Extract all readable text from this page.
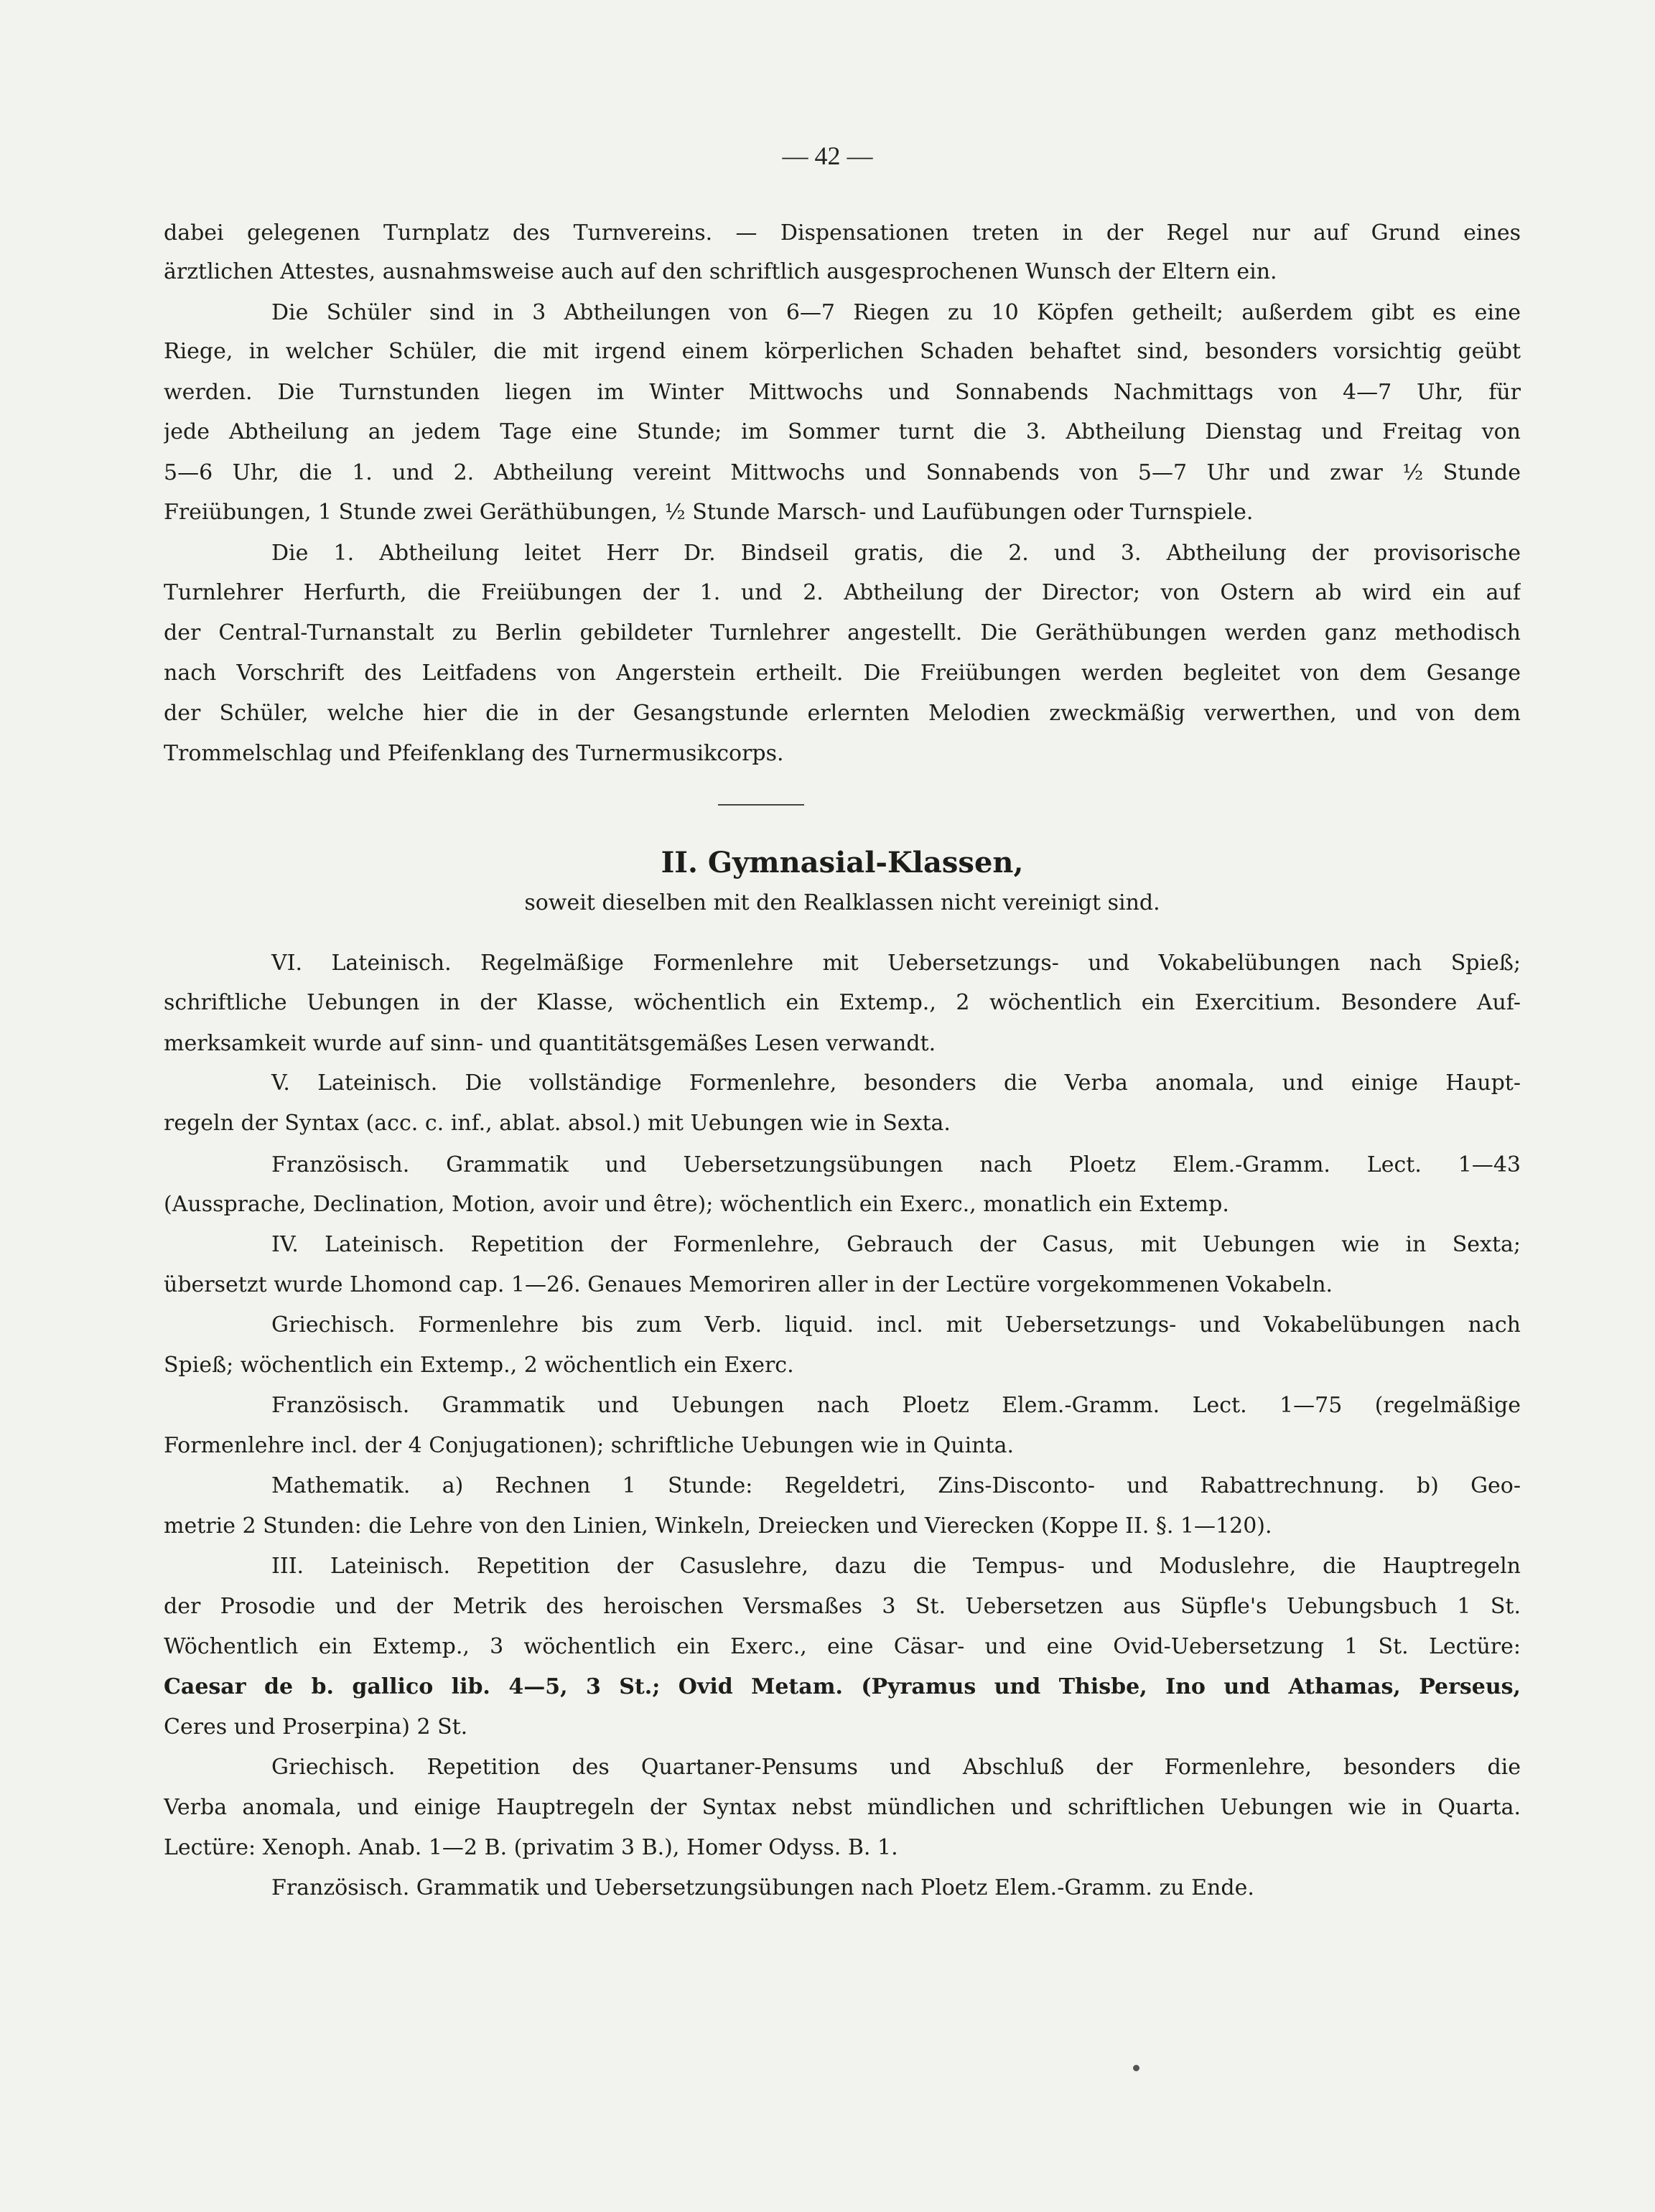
— 42 —
dabei gelegenen Turnplatz des Turnvereins. — Dispensationen treten in der Regel nur auf Grund eines
ärztlichen Attestes, ausnahmsweise auch auf den schriftlich ausgesprochenen Wunsch der Eltern ein.
Die Schüler sind in 3 Abtheilungen von 6—7 Riegen zu 10 Köpfen getheilt; außerdem gibt es eine
Riege, in welcher Schüler, die mit irgend einem körperlichen Schaden behaftet sind, besonders vorsichtig geübt
werden. Die Turnstunden liegen im Winter Mittwochs und Sonnabends Nachmittags von 4—7 Uhr, für
jede Abtheilung an jedem Tage eine Stunde; im Sommer turnt die 3. Abtheilung Dienstag und Freitag von
5—6 Uhr, die 1. und 2. Abtheilung vereint Mittwochs und Sonnabends von 5—7 Uhr und zwar ½ Stunde
Freiübungen, 1 Stunde zwei Geräthübungen, ½ Stunde Marsch- und Laufübungen oder Turnspiele.
Die 1. Abtheilung leitet Herr Dr. Bindseil gratis, die 2. und 3. Abtheilung der provisorische
Turnlehrer Herfurth, die Freiübungen der 1. und 2. Abtheilung der Director; von Ostern ab wird ein auf
der Central-Turnanstalt zu Berlin gebildeter Turnlehrer angestellt. Die Geräthübungen werden ganz methodisch
nach Vorschrift des Leitfadens von Angerstein ertheilt. Die Freiübungen werden begleitet von dem Gesange
der Schüler, welche hier die in der Gesangstunde erlernten Melodien zweckmäßig verwerthen, und von dem
Trommelschlag und Pfeifenklang des Turnermusikcorps.
II. Gymnasial-Klassen,
soweit dieselben mit den Realklassen nicht vereinigt sind.
VI. Lateinisch. Regelmäßige Formenlehre mit Uebersetzungs- und Vokabelübungen nach Spieß;
schriftliche Uebungen in der Klasse, wöchentlich ein Extemp., 2 wöchentlich ein Exercitium. Besondere Auf-
merksamkeit wurde auf sinn- und quantitätsgemäßes Lesen verwandt.
V. Lateinisch. Die vollständige Formenlehre, besonders die Verba anomala, und einige Haupt-
regeln der Syntax (acc. c. inf., ablat. absol.) mit Uebungen wie in Sexta.
Französisch. Grammatik und Uebersetzungsübungen nach Ploetz Elem.-Gramm. Lect. 1—43
(Aussprache, Declination, Motion, avoir und être); wöchentlich ein Exerc., monatlich ein Extemp.
IV. Lateinisch. Repetition der Formenlehre, Gebrauch der Casus, mit Uebungen wie in Sexta;
übersetzt wurde Lhomond cap. 1—26. Genaues Memoriren aller in der Lectüre vorgekommenen Vokabeln.
Griechisch. Formenlehre bis zum Verb. liquid. incl. mit Uebersetzungs- und Vokabelübungen nach
Spieß; wöchentlich ein Extemp., 2 wöchentlich ein Exerc.
Französisch. Grammatik und Uebungen nach Ploetz Elem.-Gramm. Lect. 1—75 (regelmäßige
Formenlehre incl. der 4 Conjugationen); schriftliche Uebungen wie in Quinta.
Mathematik. a) Rechnen 1 Stunde: Regeldetri, Zins-Disconto- und Rabattrechnung. b) Geo-
metrie 2 Stunden: die Lehre von den Linien, Winkeln, Dreiecken und Vierecken (Koppe II. §. 1—120).
III. Lateinisch. Repetition der Casuslehre, dazu die Tempus- und Moduslehre, die Hauptregeln
der Prosodie und der Metrik des heroischen Versmaßes 3 St. Uebersetzen aus Süpfle's Uebungsbuch 1 St.
Wöchentlich ein Extemp., 3 wöchentlich ein Exerc., eine Cäsar- und eine Ovid-Uebersetzung 1 St. Lectüre:
Caesar de b. gallico lib. 4—5, 3 St.; Ovid Metam. (Pyramus und Thisbe, Ino und Athamas, Perseus,
Ceres und Proserpina) 2 St.
Griechisch. Repetition des Quartaner-Pensums und Abschluß der Formenlehre, besonders die
Verba anomala, und einige Hauptregeln der Syntax nebst mündlichen und schriftlichen Uebungen wie in Quarta.
Lectüre: Xenoph. Anab. 1—2 B. (privatim 3 B.), Homer Odyss. B. 1.
Französisch. Grammatik und Uebersetzungsübungen nach Ploetz Elem.-Gramm. zu Ende.
